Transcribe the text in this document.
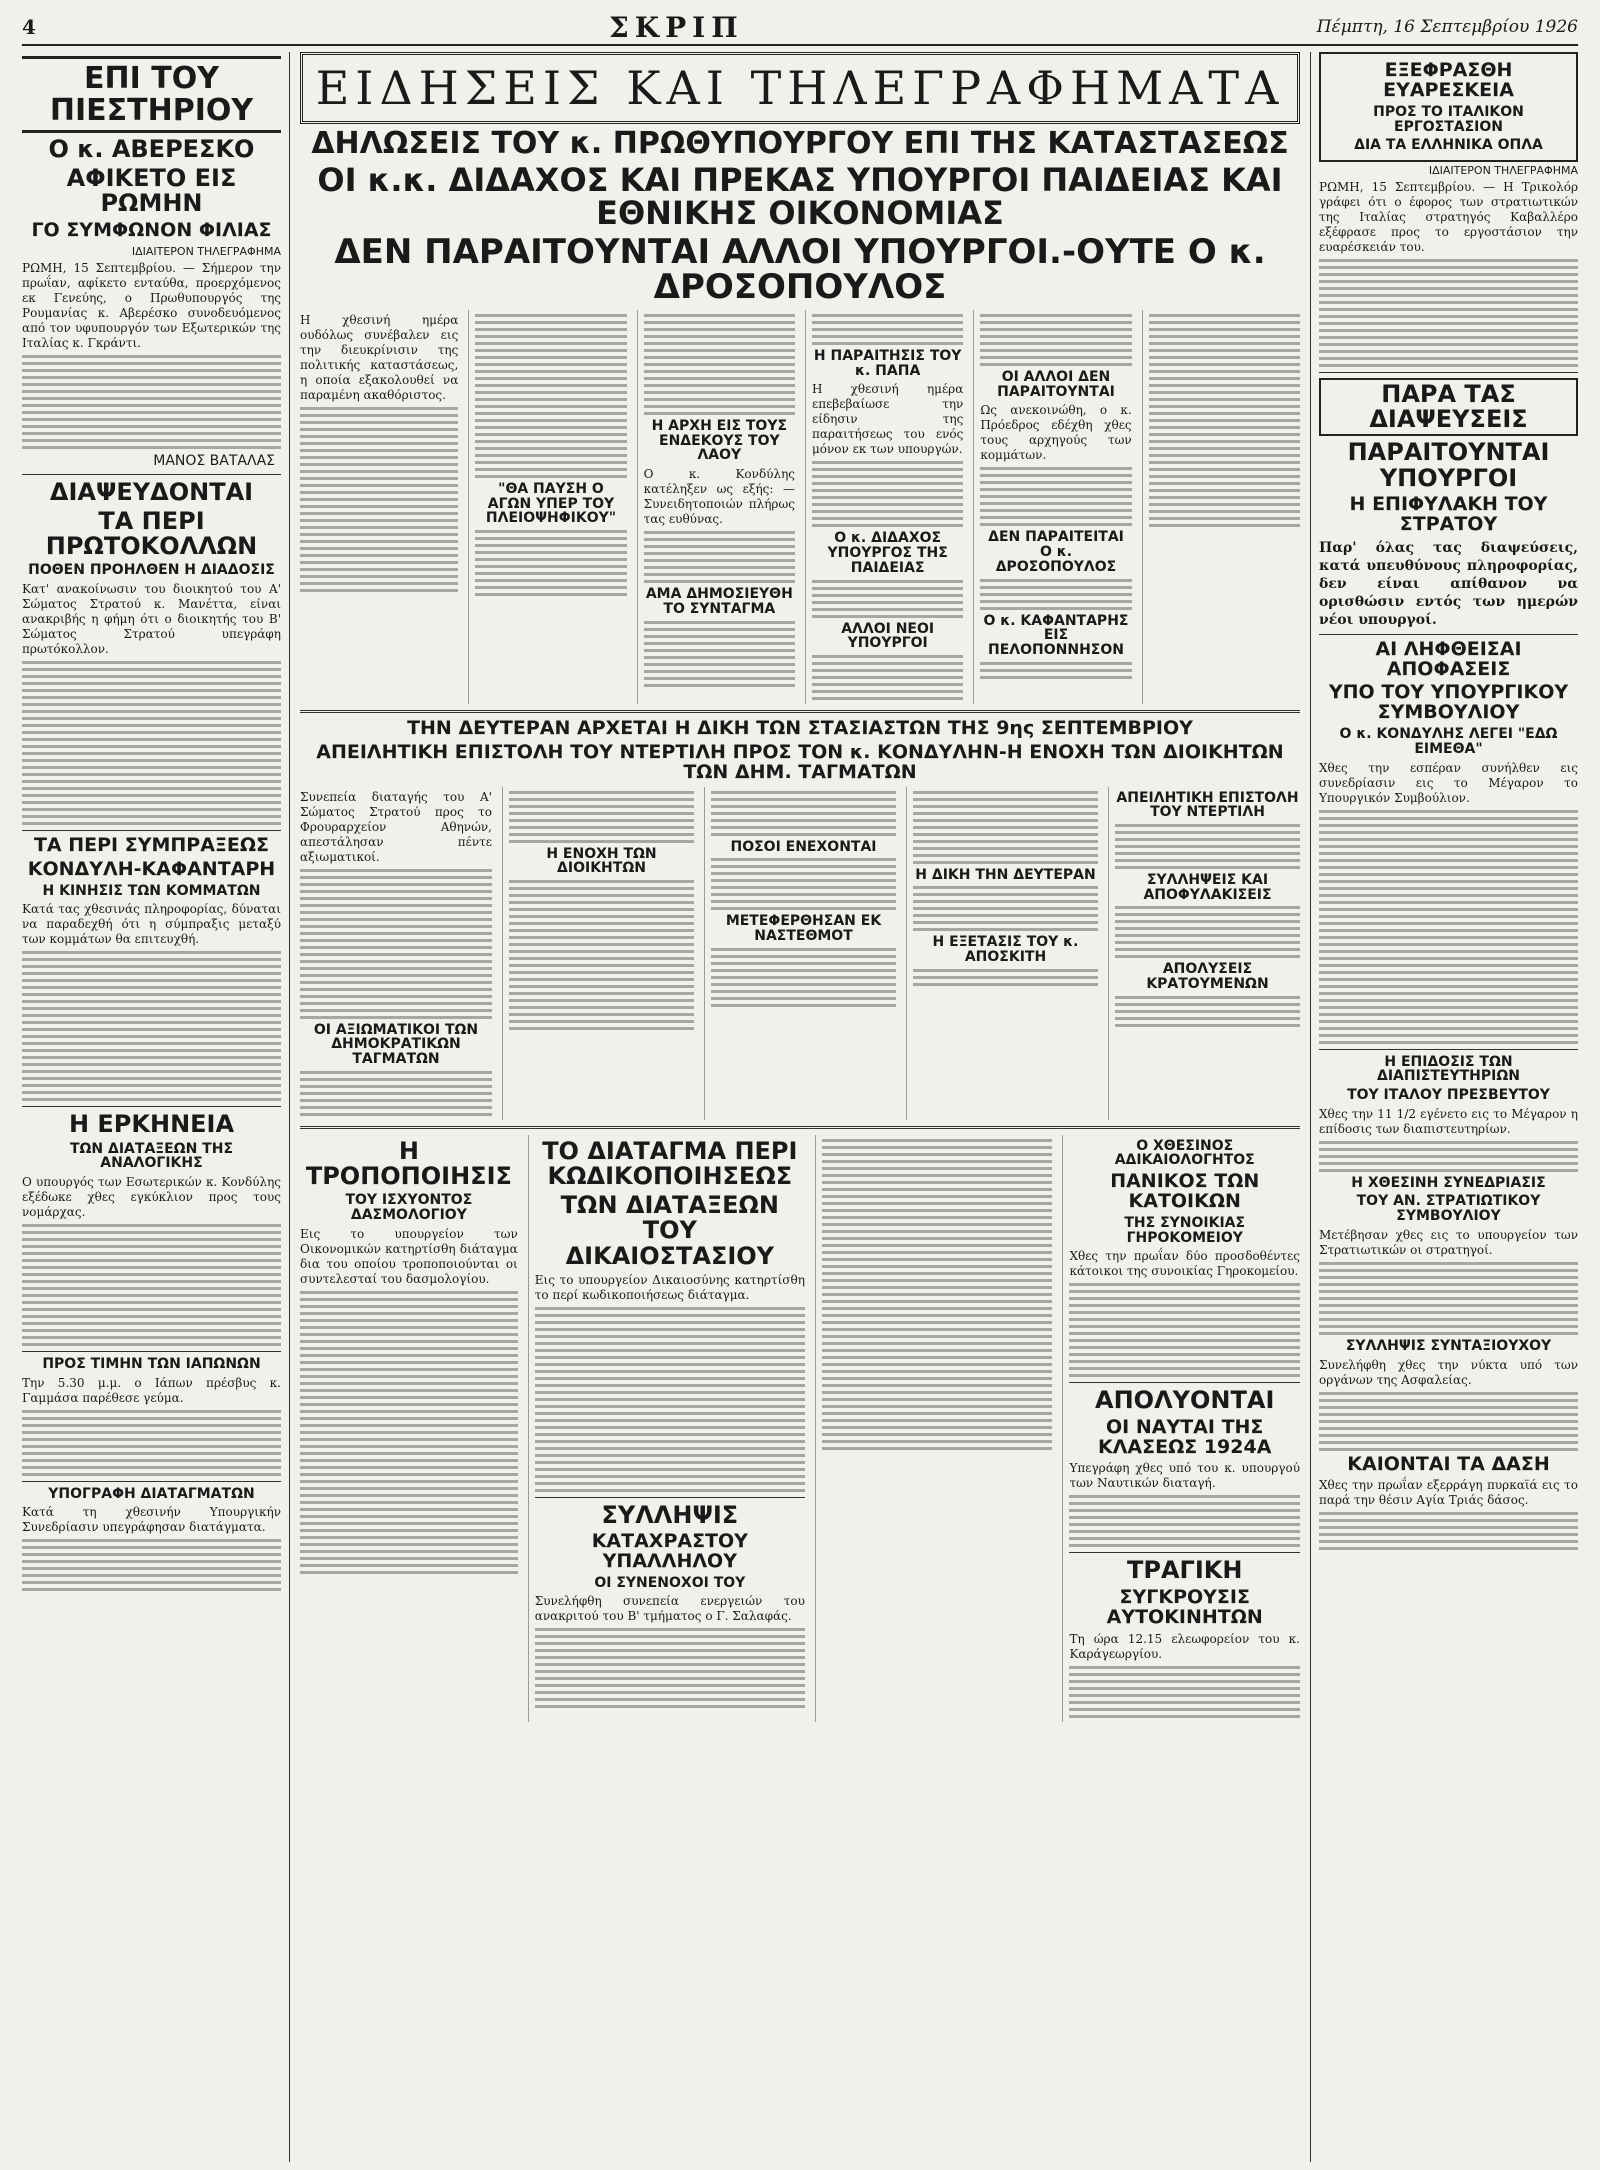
4	ΣΚΡΙΠ	Πέμπτη, 16 Σεπτεμβρίου 1926
ΕΠΙ ΤΟΥ ΠΙΕΣΤΗΡΙΟΥ
Ο κ. ΑΒΕΡΕΣΚΟ
ΑΦΙΚΕΤΟ ΕΙΣ ΡΩΜΗΝ
ΓΟ ΣΥΜΦΩΝΟΝ ΦΙΛΙΑΣ
ΙΔΙΑΙΤΕΡΟΝ ΤΗΛΕΓΡΑΦΗΜΑ

ΡΩΜΗ, 15 Σεπτεμβρίου. — Σήμερον την πρωΐαν, αφίκετο ενταύθα, προερχόμενος εκ Γενεύης, ο Πρωθυπουργός της Ρουμανίας κ. Αβερέσκο συνοδευόμενος από τον υφυπουργόν των Εξωτερικών της Ιταλίας κ. Γκράντι.

ΜΑΝΟΣ ΒΑΤΑΛΑΣ
ΔΙΑΨΕΥΔΟΝΤΑΙ
ΤΑ ΠΕΡΙ ΠΡΩΤΟΚΟΛΛΩΝ
ΠΟΘΕΝ ΠΡΟΗΛΘΕΝ Η ΔΙΑΔΟΣΙΣ

Κατ' ανακοίνωσιν του διοικητού του Α' Σώματος Στρατού κ. Μανέττα, είναι ανακριβής η φήμη ότι ο διοικητής του Β' Σώματος Στρατού υπεγράφη πρωτόκολλον.

ΤΑ ΠΕΡΙ ΣΥΜΠΡΑΞΕΩΣ
ΚΟΝΔΥΛΗ-ΚΑΦΑΝΤΑΡΗ
Η ΚΙΝΗΣΙΣ ΤΩΝ ΚΟΜΜΑΤΩΝ

Κατά τας χθεσινάς πληροφορίας, δύναται να παραδεχθή ότι η σύμπραξις μεταξύ των κομμάτων θα επιτευχθή.

Η ΕΡΚΗΝΕΙΑ
ΤΩΝ ΔΙΑΤΑΞΕΩΝ ΤΗΣ ΑΝΑΛΟΓΙΚΗΣ

Ο υπουργός των Εσωτερικών κ. Κονδύλης εξέδωκε χθες εγκύκλιον προς τους νομάρχας.

ΠΡΟΣ ΤΙΜΗΝ ΤΩΝ ΙΑΠΩΝΩΝ

Την 5.30 μ.μ. ο Ιάπων πρέσβυς κ. Γαμμάσα παρέθεσε γεύμα.

ΥΠΟΓΡΑΦΗ ΔΙΑΤΑΓΜΑΤΩΝ

Κατά τη χθεσινήν Υπουργικήν Συνεδρίασιν υπεγράφησαν διατάγματα.

ΕΙΔΗΣΕΙΣ ΚΑΙ ΤΗΛΕΓΡΑΦΗΜΑΤΑ
ΔΗΛΩΣΕΙΣ ΤΟΥ κ. ΠΡΩΘΥΠΟΥΡΓΟΥ ΕΠΙ ΤΗΣ ΚΑΤΑΣΤΑΣΕΩΣ
ΟΙ κ.κ. ΔΙΔΑΧΟΣ ΚΑΙ ΠΡΕΚΑΣ ΥΠΟΥΡΓΟΙ ΠΑΙΔΕΙΑΣ ΚΑΙ ΕΘΝΙΚΗΣ ΟΙΚΟΝΟΜΙΑΣ
ΔΕΝ ΠΑΡΑΙΤΟΥΝΤΑΙ ΑΛΛΟΙ ΥΠΟΥΡΓΟΙ.-ΟΥΤΕ Ο κ. ΔΡΟΣΟΠΟΥΛΟΣ

Η χθεσινή ημέρα ουδόλως συνέβαλεν εις την διευκρίνισιν της πολιτικής καταστάσεως, η οποία εξακολουθεί να παραμένη ακαθόριστος.

"ΘΑ ΠΑΥΣΗ Ο ΑΓΩΝ ΥΠΕΡ ΤΟΥ ΠΛΕΙΟΨΗΦΙΚΟΥ"
Η ΑΡΧΗ ΕΙΣ ΤΟΥΣ ΕΝΔΕΚΟΥΣ ΤΟΥ ΛΑΟΥ

Ο κ. Κονδύλης κατέληξεν ως εξής: — Συνειδητοποιών πλήρως τας ευθύνας.

ΑΜΑ ΔΗΜΟΣΙΕΥΘΗ ΤΟ ΣΥΝΤΑΓΜΑ
Η ΠΑΡΑΙΤΗΣΙΣ ΤΟΥ κ. ΠΑΠΑ

Η χθεσινή ημέρα επεβεβαίωσε την είδησιν της παραιτήσεως του ενός μόνον εκ των υπουργών.

Ο κ. ΔΙΔΑΧΟΣ ΥΠΟΥΡΓΟΣ ΤΗΣ ΠΑΙΔΕΙΑΣ
ΑΛΛΟΙ ΝΕΟΙ ΥΠΟΥΡΓΟΙ
ΟΙ ΑΛΛΟΙ ΔΕΝ ΠΑΡΑΙΤΟΥΝΤΑΙ

Ως ανεκοινώθη, ο κ. Πρόεδρος εδέχθη χθες τους αρχηγούς των κομμάτων.

ΔΕΝ ΠΑΡΑΙΤΕΙΤΑΙ Ο κ. ΔΡΟΣΟΠΟΥΛΟΣ
Ο κ. ΚΑΦΑΝΤΑΡΗΣ ΕΙΣ ΠΕΛΟΠΟΝΝΗΣΟΝ
ΤΗΝ ΔΕΥΤΕΡΑΝ ΑΡΧΕΤΑΙ Η ΔΙΚΗ ΤΩΝ ΣΤΑΣΙΑΣΤΩΝ ΤΗΣ 9ης ΣΕΠΤΕΜΒΡΙΟΥ
ΑΠΕΙΛΗΤΙΚΗ ΕΠΙΣΤΟΛΗ ΤΟΥ ΝΤΕΡΤΙΛΗ ΠΡΟΣ ΤΟΝ κ. ΚΟΝΔΥΛΗΝ-Η ΕΝΟΧΗ ΤΩΝ ΔΙΟΙΚΗΤΩΝ ΤΩΝ ΔΗΜ. ΤΑΓΜΑΤΩΝ

Συνεπεία διαταγής του Α' Σώματος Στρατού προς το Φρουραρχείον Αθηνών, απεστάλησαν πέντε αξιωματικοί.

ΟΙ ΑΞΙΩΜΑΤΙΚΟΙ ΤΩΝ ΔΗΜΟΚΡΑΤΙΚΩΝ ΤΑΓΜΑΤΩΝ
Η ΕΝΟΧΗ ΤΩΝ ΔΙΟΙΚΗΤΩΝ
ΠΟΣΟΙ ΕΝΕΧΟΝΤΑΙ
ΜΕΤΕΦΕΡΘΗΣΑΝ ΕΚ ΝΑΣΤΕΘΜΟΤ
Η ΔΙΚΗ ΤΗΝ ΔΕΥΤΕΡΑΝ
Η ΕΞΕΤΑΣΙΣ ΤΟΥ κ. ΑΠΟΣΚΙΤΗ
ΑΠΕΙΛΗΤΙΚΗ ΕΠΙΣΤΟΛΗ ΤΟΥ ΝΤΕΡΤΙΛΗ
ΣΥΛΛΗΨΕΙΣ ΚΑΙ ΑΠΟΦΥΛΑΚΙΣΕΙΣ
ΑΠΟΛΥΣΕΙΣ ΚΡΑΤΟΥΜΕΝΩΝ
Η ΤΡΟΠΟΠΟΙΗΣΙΣ
ΤΟΥ ΙΣΧΥΟΝΤΟΣ ΔΑΣΜΟΛΟΓΙΟΥ

Εις το υπουργείον των Οικονομικών κατηρτίσθη διάταγμα δια του οποίου τροποποιούνται οι συντελεσταί του δασμολογίου.

ΤΟ ΔΙΑΤΑΓΜΑ ΠΕΡΙ ΚΩΔΙΚΟΠΟΙΗΣΕΩΣ
ΤΩΝ ΔΙΑΤΑΞΕΩΝ ΤΟΥ ΔΙΚΑΙΟΣΤΑΣΙΟΥ

Εις το υπουργείον Δικαιοσύνης κατηρτίσθη το περί κωδικοποιήσεως διάταγμα.

ΣΥΛΛΗΨΙΣ
ΚΑΤΑΧΡΑΣΤΟΥ ΥΠΑΛΛΗΛΟΥ
ΟΙ ΣΥΝΕΝΟΧΟΙ ΤΟΥ

Συνελήφθη συνεπεία ενεργειών του ανακριτού του Β' τμήματος ο Γ. Σαλαφάς.

Ο ΧΘΕΣΙΝΟΣ ΑΔΙΚΑΙΟΛΟΓΗΤΟΣ
ΠΑΝΙΚΟΣ ΤΩΝ ΚΑΤΟΙΚΩΝ
ΤΗΣ ΣΥΝΟΙΚΙΑΣ ΓΗΡΟΚΟΜΕΙΟΥ

Χθες την πρωΐαν δύο προσδοθέντες κάτοικοι της συνοικίας Γηροκομείου.

ΑΠΟΛΥΟΝΤΑΙ
ΟΙ ΝΑΥΤΑΙ ΤΗΣ ΚΛΑΣΕΩΣ 1924Α

Υπεγράφη χθες υπό του κ. υπουργού των Ναυτικών διαταγή.

ΤΡΑΓΙΚΗ
ΣΥΓΚΡΟΥΣΙΣ ΑΥΤΟΚΙΝΗΤΩΝ

Τη ώρα 12.15 ελεωφορείον του κ. Καράγεωργίου.

ΕΞΕΦΡΑΣΘΗ ΕΥΑΡΕΣΚΕΙΑ
ΠΡΟΣ ΤΟ ΙΤΑΛΙΚΟΝ ΕΡΓΟΣΤΑΣΙΟΝ
ΔΙΑ ΤΑ ΕΛΛΗΝΙΚΑ ΟΠΛΑ
ΙΔΙΑΙΤΕΡΟΝ ΤΗΛΕΓΡΑΦΗΜΑ

ΡΩΜΗ, 15 Σεπτεμβρίου. — Η Τρικολόρ γράφει ότι ο έφορος των στρατιωτικών της Ιταλίας στρατηγός Καβαλλέρο εξέφρασε προς το εργοστάσιον την ευαρέσκειάν του.

ΠΑΡΑ ΤΑΣ ΔΙΑΨΕΥΣΕΙΣ
ΠΑΡΑΙΤΟΥΝΤΑΙ ΥΠΟΥΡΓΟΙ
Η ΕΠΙΦΥΛΑΚΗ ΤΟΥ ΣΤΡΑΤΟΥ

Παρ' όλας τας διαψεύσεις, κατά υπευθύνους πληροφορίας, δεν είναι απίθανον να ορισθώσιν εντός των ημερών νέοι υπουργοί.

ΑΙ ΛΗΦΘΕΙΣΑΙ ΑΠΟΦΑΣΕΙΣ
ΥΠΟ ΤΟΥ ΥΠΟΥΡΓΙΚΟΥ ΣΥΜΒΟΥΛΙΟΥ
Ο κ. ΚΟΝΔΥΛΗΣ ΛΕΓΕΙ "ΕΔΩ ΕΙΜΕΘΑ"

Χθες την εσπέραν συνήλθεν εις συνεδρίασιν εις το Μέγαρον το Υπουργικόν Συμβούλιον.

Η ΕΠΙΔΟΣΙΣ ΤΩΝ ΔΙΑΠΙΣΤΕΥΤΗΡΙΩΝ
ΤΟΥ ΙΤΑΛΟΥ ΠΡΕΣΒΕΥΤΟΥ

Χθες την 11 1/2 εγένετο εις το Μέγαρον η επίδοσις των διαπιστευτηρίων.

Η ΧΘΕΣΙΝΗ ΣΥΝΕΔΡΙΑΣΙΣ
ΤΟΥ ΑΝ. ΣΤΡΑΤΙΩΤΙΚΟΥ ΣΥΜΒΟΥΛΙΟΥ

Μετέβησαν χθες εις το υπουργείον των Στρατιωτικών οι στρατηγοί.

ΣΥΛΛΗΨΙΣ ΣΥΝΤΑΞΙΟΥΧΟΥ

Συνελήφθη χθες την νύκτα υπό των οργάνων της Ασφαλείας.

ΚΑΙΟΝΤΑΙ ΤΑ ΔΑΣΗ

Χθες την πρωΐαν εξερράγη πυρκαϊά εις το παρά την θέσιν Αγία Τριάς δάσος.
